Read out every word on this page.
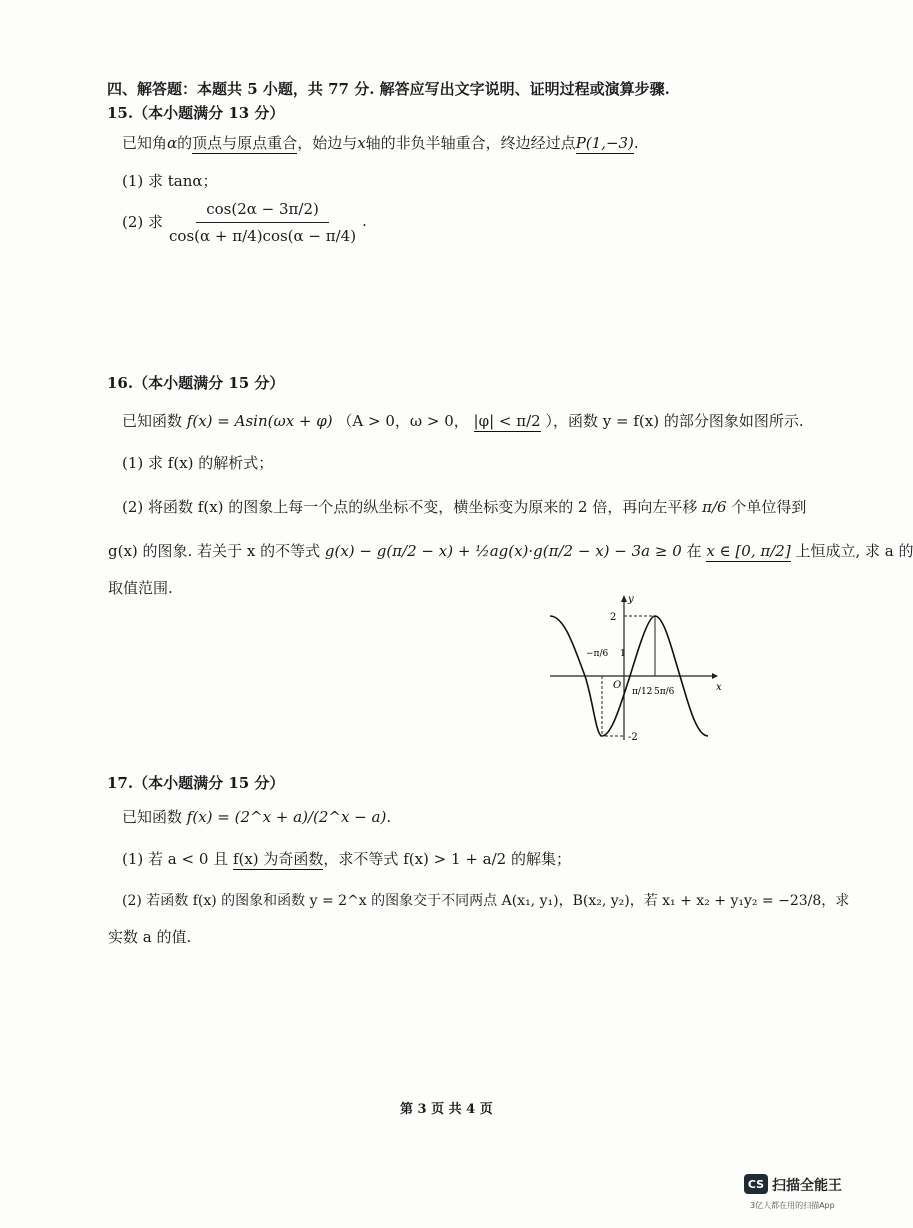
四、解答题：本题共 5 小题，共 77 分. 解答应写出文字说明、证明过程或演算步骤.
15.（本小题满分 13 分）
已知角α的顶点与原点重合，始边与x轴的非负半轴重合，终边经过点P(1,−3).
(1) 求 tanα；
(2) 求 $\frac{\cos(2\alpha - 3\pi/2)}{\cos(\alpha + \pi/4)\cos(\alpha - \pi/4)}$ .
16.（本小题满分 15 分）
已知函数 f(x) = Asin(ωx + φ) （A > 0，ω > 0， |φ| < π/2 ），函数 y = f(x) 的部分图象如图所示.
(1) 求 f(x) 的解析式；
(2) 将函数 f(x) 的图象上每一个点的纵坐标不变，横坐标变为原来的 2 倍，再向左平移 π/6 个单位得到
g(x) 的图象. 若关于 x 的不等式 g(x) − g(π/2 − x) + ½ag(x)·g(π/2 − x) − 3a ≥ 0 在 x ∈ [0, π/2] 上恒成立, 求 a 的
取值范围.
y
x
O
2
-2
−π/6
π/12 5π/6
1
17.（本小题满分 15 分）
已知函数 f(x) = (2^x + a)/(2^x − a).
(1) 若 a < 0 且 f(x) 为奇函数，求不等式 f(x) > 1 + a/2 的解集；
(2) 若函数 f(x) 的图象和函数 y = 2^x 的图象交于不同两点 A(x₁, y₁)，B(x₂, y₂)，若 x₁ + x₂ + y₁y₂ = −23/8，求
实数 a 的值.
第 3 页 共 4 页
CS 扫描全能王
3亿人都在用的扫描App
